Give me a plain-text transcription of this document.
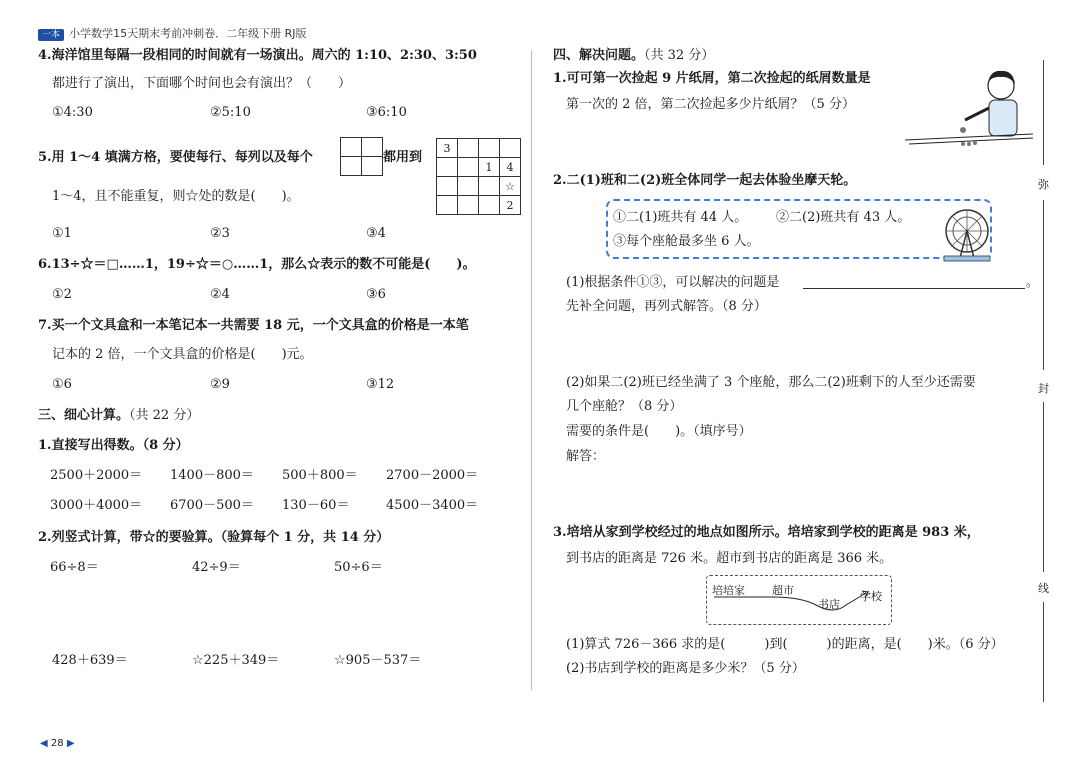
一本 小学数学15天期末考前冲刺卷．二年级下册 RJ版
4.海洋馆里每隔一段相同的时间就有一场演出。周六的 1:10、2:30、3:50
都进行了演出，下面哪个时间也会有演出？（　　）
①4:30	②5:10	③6:10
5.用 1～4 填满方格，要使每行、每列以及每个

		都用到
3			
		1	4
			☆
			2
1～4，且不能重复，则☆处的数是(　　)。
①1	②3	③4
6.13÷☆＝□……1，19÷☆＝○……1，那么☆表示的数不可能是(　　)。
①2	②4	③6
7.买一个文具盒和一本笔记本一共需要 18 元，一个文具盒的价格是一本笔
记本的 2 倍，一个文具盒的价格是(　　)元。
①6	②9	③12
三、细心计算。（共 22 分）
1.直接写出得数。（8 分）
2500＋2000＝ 1400－800＝ 500＋800＝ 2700－2000＝
3000＋4000＝ 6700－500＝ 130－60＝	4500－3400＝
2.列竖式计算，带☆的要验算。（验算每个 1 分，共 14 分）
66÷8＝	42÷9＝	50÷6＝
428＋639＝	☆225＋349＝	☆905－537＝
◀ 28 ▶
四、解决问题。（共 32 分）
1.可可第一次捡起 9 片纸屑，第二次捡起的纸屑数量是
第一次的 2 倍，第二次捡起多少片纸屑？（5 分）
2.二(1)班和二(2)班全体同学一起去体验坐摩天轮。
①二(1)班共有 44 人。 ②二(2)班共有 43 人。
③每个座舱最多坐 6 人。
(1)根据条件①③，可以解决的问题是	。
先补全问题，再列式解答。（8 分）
(2)如果二(2)班已经坐满了 3 个座舱，那么二(2)班剩下的人至少还需要
几个座舱？（8 分）
需要的条件是(　　)。（填序号）
解答：
3.培培从家到学校经过的地点如图所示。培培家到学校的距离是 983 米，
到书店的距离是 726 米。超市到书店的距离是 366 米。
培培家 超市
书店
学校
(1)算式 726－366 求的是(　　　)到(　　　)的距离，是(　　)米。（6 分）
(2)书店到学校的距离是多少米？（5 分）
弥
封
线
